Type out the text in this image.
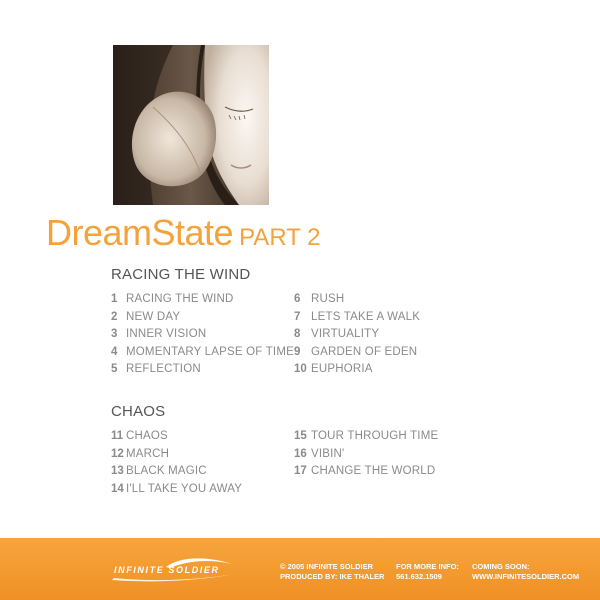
DreamState PART 2
RACING THE WIND
1 RACING THE WIND
2 NEW DAY
3 INNER VISION
4 MOMENTARY LAPSE OF TIME
5 REFLECTION
6 RUSH
7 LETS TAKE A WALK
8 VIRTUALITY
9 GARDEN OF EDEN
10 EUPHORIA
CHAOS
11 CHAOS
12 MARCH
13 BLACK MAGIC
14 I'LL TAKE YOU AWAY
15 TOUR THROUGH TIME
16 VIBIN'
17 CHANGE THE WORLD
INFINITE SOLDIER	© 2005 INFINITE SOLDIER
PRODUCED BY: IKE THALER
FOR MORE INFO:
561.632.1509
COMING SOON:
WWW.INFINITESOLDIER.COM
